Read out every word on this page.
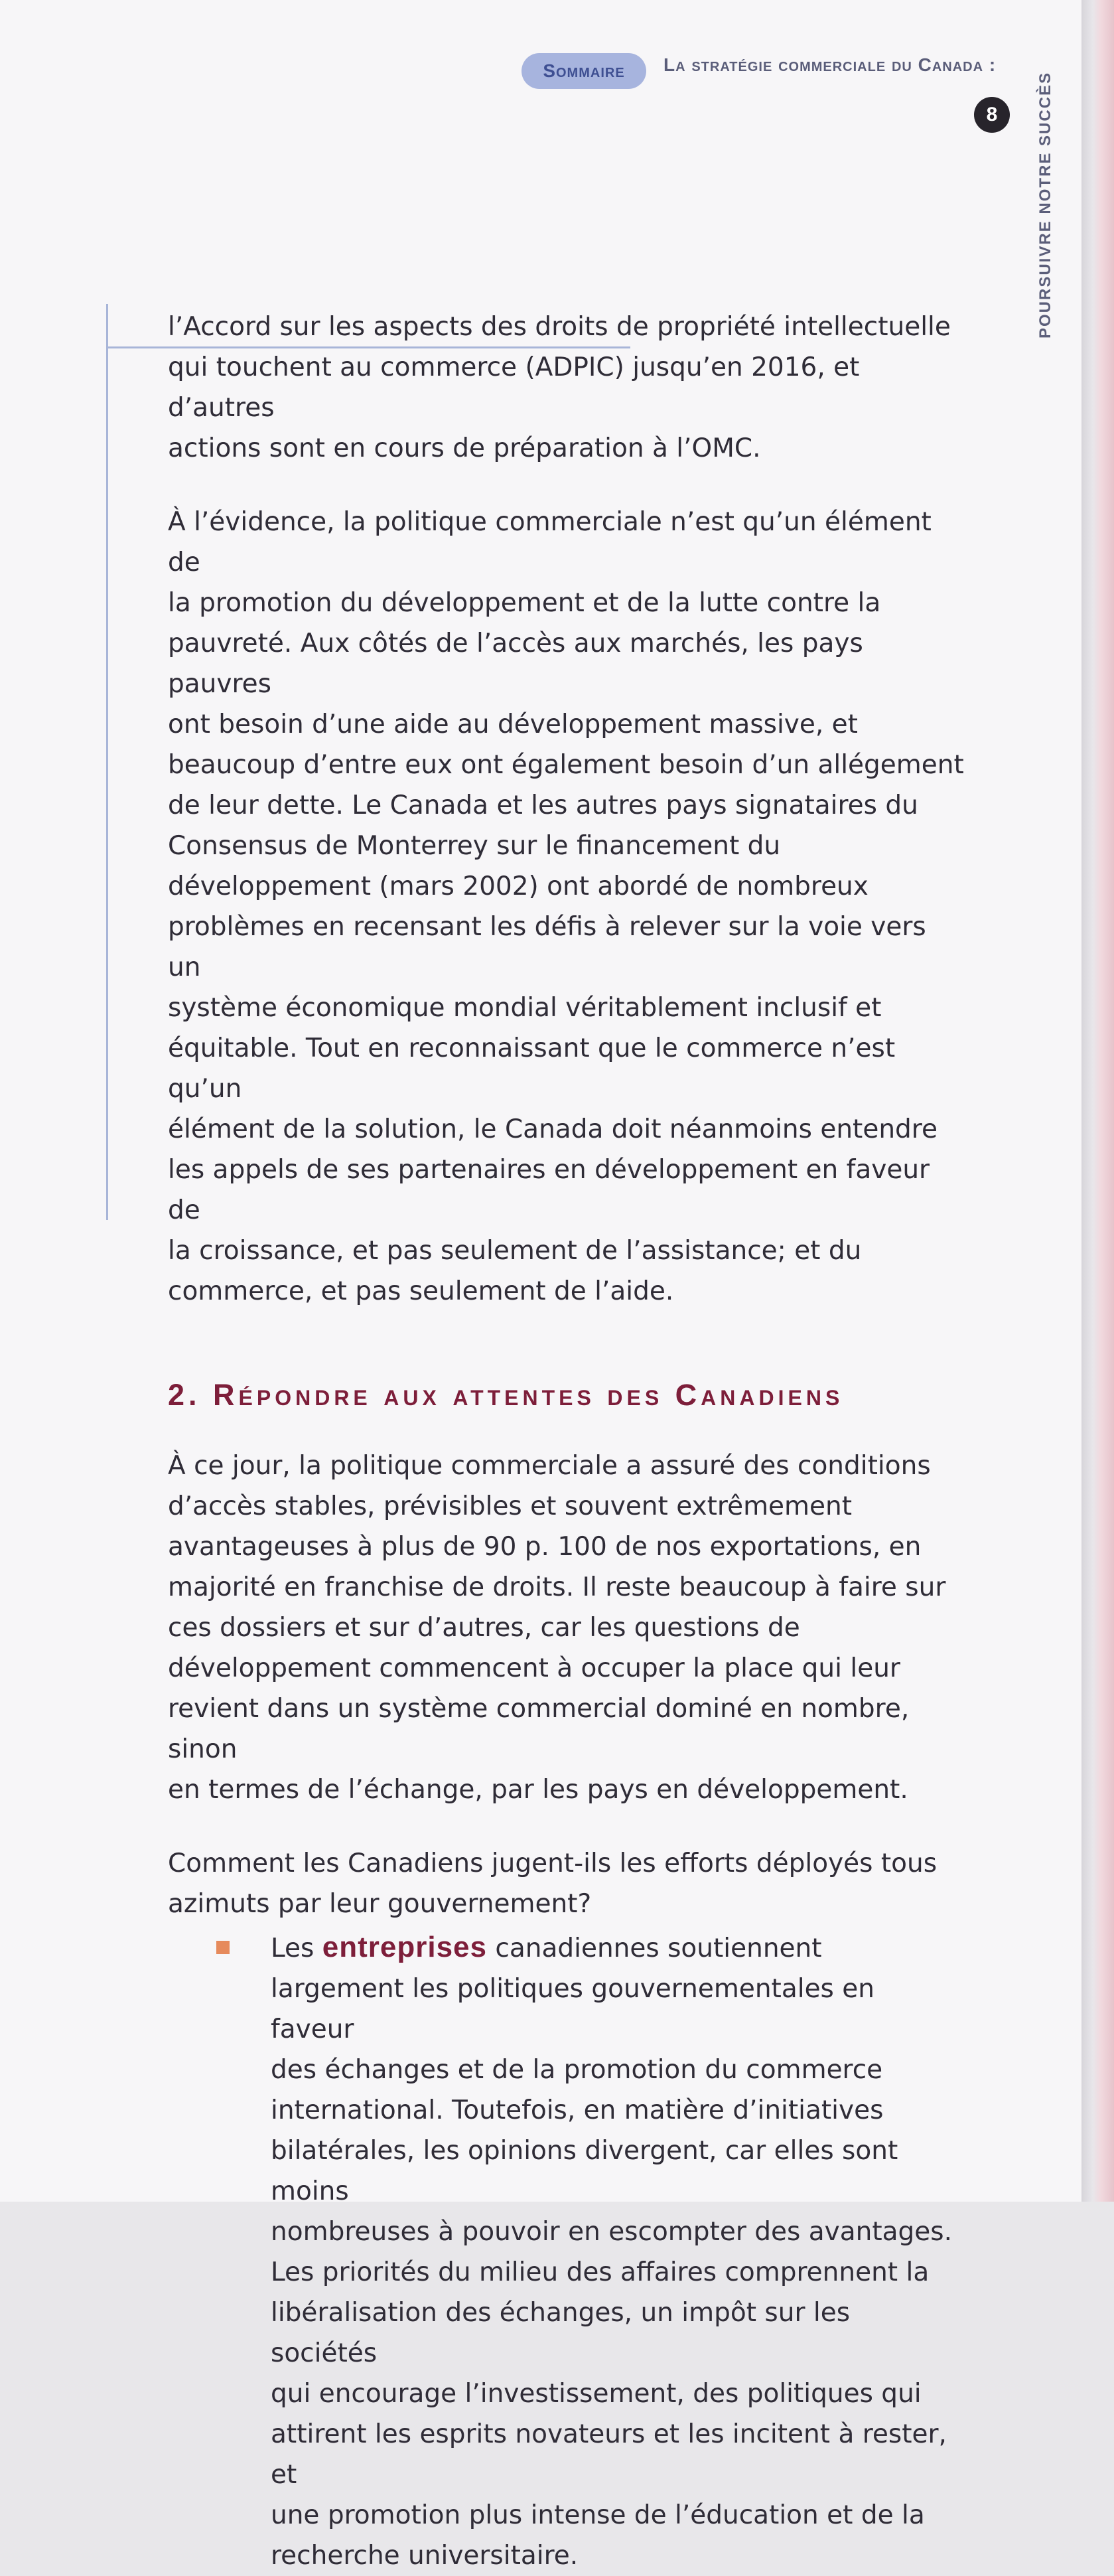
Sommaire	La stratégie commerciale du Canada :
8	POURSUIVRE NOTRE SUCCÈS

l’Accord sur les aspects des droits de propriété intellectuelle
qui touchent au commerce (ADPIC) jusqu’en 2016, et d’autres
actions sont en cours de préparation à l’OMC.

À l’évidence, la politique commerciale n’est qu’un élément de
la promotion du développement et de la lutte contre la
pauvreté. Aux côtés de l’accès aux marchés, les pays pauvres
ont besoin d’une aide au développement massive, et
beaucoup d’entre eux ont également besoin d’un allégement
de leur dette. Le Canada et les autres pays signataires du
Consensus de Monterrey sur le financement du
développement (mars 2002) ont abordé de nombreux
problèmes en recensant les défis à relever sur la voie vers un
système économique mondial véritablement inclusif et
équitable. Tout en reconnaissant que le commerce n’est qu’un
élément de la solution, le Canada doit néanmoins entendre
les appels de ses partenaires en développement en faveur de
la croissance, et pas seulement de l’assistance; et du
commerce, et pas seulement de l’aide.

2. Répondre aux attentes des Canadiens

À ce jour, la politique commerciale a assuré des conditions
d’accès stables, prévisibles et souvent extrêmement
avantageuses à plus de 90 p. 100 de nos exportations, en
majorité en franchise de droits. Il reste beaucoup à faire sur
ces dossiers et sur d’autres, car les questions de
développement commencent à occuper la place qui leur
revient dans un système commercial dominé en nombre, sinon
en termes de l’échange, par les pays en développement.

Comment les Canadiens jugent-ils les efforts déployés tous
azimuts par leur gouvernement?

Les entreprises canadiennes soutiennent
largement les politiques gouvernementales en faveur
des échanges et de la promotion du commerce
international. Toutefois, en matière d’initiatives
bilatérales, les opinions divergent, car elles sont moins
nombreuses à pouvoir en escompter des avantages.
Les priorités du milieu des affaires comprennent la
libéralisation des échanges, un impôt sur les sociétés
qui encourage l’investissement, des politiques qui
attirent les esprits novateurs et les incitent à rester, et
une promotion plus intense de l’éducation et de la
recherche universitaire.
